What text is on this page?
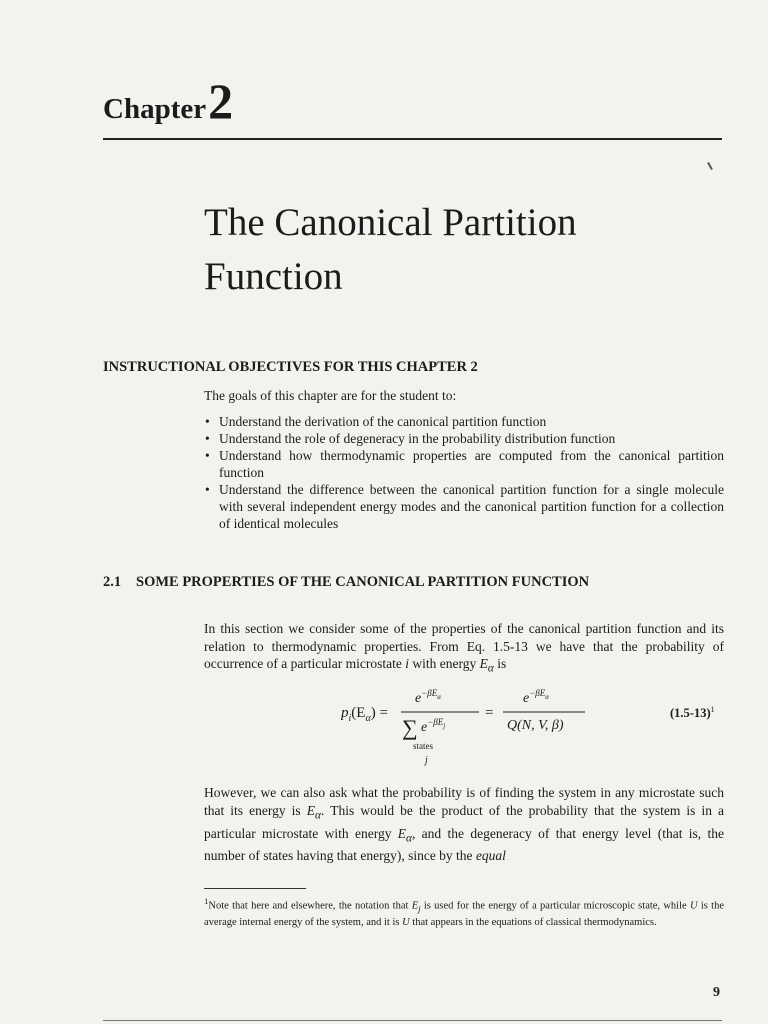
Chapter2
The Canonical Partition
Function
INSTRUCTIONAL OBJECTIVES FOR THIS CHAPTER 2

The goals of this chapter are for the student to:

• Understand the derivation of the canonical partition function
• Understand the role of degeneracy in the probability distribution function
• Understand how thermodynamic properties are computed from the canonical partition function
• Understand the difference between the canonical partition function for a single molecule with several independent energy modes and the canonical partition function for a collection of identical molecules
2.1 SOME PROPERTIES OF THE CANONICAL PARTITION FUNCTION

In this section we consider some of the properties of the canonical partition function and its relation to thermodynamic properties. From Eq. 1.5-13 we have that the probability of occurrence of a particular microstate i with energy $E_\alpha$ is

$p_i(E_\alpha)$ =
$e^{-\beta E}_\alpha$
∑ $e^{-\beta E}_j$
states
j
=
$e^{-\beta E}_\alpha$
Q(N, V, β)
$(1.5-13)^1$

However, we can also ask what the probability is of finding the system in any microstate such that its energy is $E_\alpha$. This would be the product of the probability that the system is in a particular microstate with energy $E_\alpha$, and the degeneracy of that energy level (that is, the number of states having that energy), since by the equal

$^1$Note that here and elsewhere, the notation that $E_j$ is used for the energy of a particular microscopic state, while U is the average internal energy of the system, and it is U that appears in the equations of classical thermodynamics.

9
